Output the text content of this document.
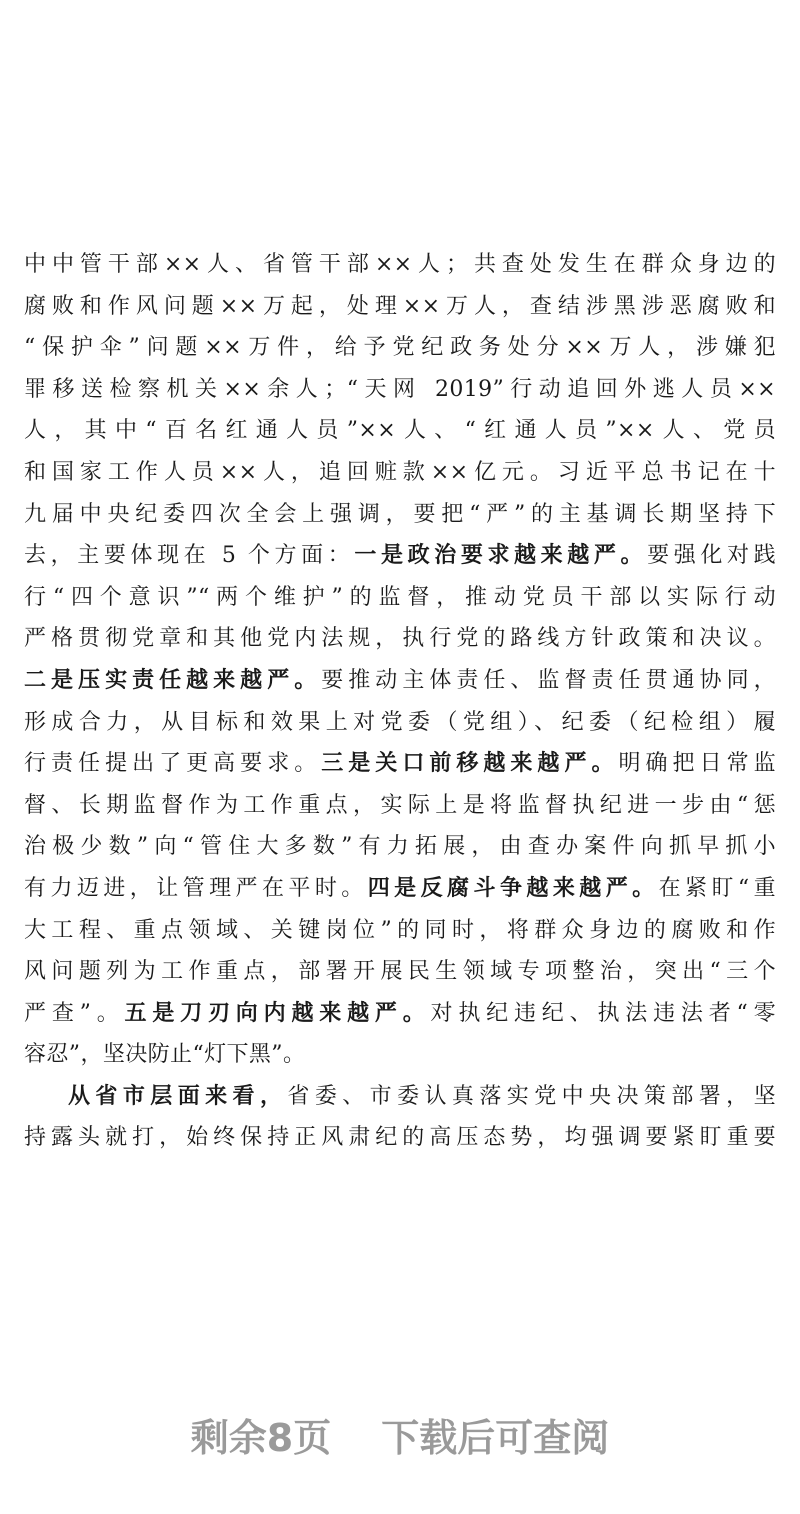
中中管干部××人、省管干部××人；共查处发生在群众身边的
腐败和作风问题××万起，处理××万人，查结涉黑涉恶腐败和
“保护伞”问题××万件，给予党纪政务处分××万人，涉嫌犯
罪移送检察机关××余人；“天网 2019”行动追回外逃人员××
人，其中“百名红通人员”××人、“红通人员”××人、党员
和国家工作人员××人，追回赃款××亿元。习近平总书记在十
九届中央纪委四次全会上强调，要把“严”的主基调长期坚持下
去，主要体现在 5 个方面：一是政治要求越来越严。要强化对践
行“四个意识”“两个维护”的监督，推动党员干部以实际行动
严格贯彻党章和其他党内法规，执行党的路线方针政策和决议。
二是压实责任越来越严。要推动主体责任、监督责任贯通协同，
形成合力，从目标和效果上对党委（党组）、纪委（纪检组）履
行责任提出了更高要求。三是关口前移越来越严。明确把日常监
督、长期监督作为工作重点，实际上是将监督执纪进一步由“惩
治极少数”向“管住大多数”有力拓展，由查办案件向抓早抓小
有力迈进，让管理严在平时。四是反腐斗争越来越严。在紧盯“重
大工程、重点领域、关键岗位”的同时，将群众身边的腐败和作
风问题列为工作重点，部署开展民生领域专项整治，突出“三个
严查”。五是刀刃向内越来越严。对执纪违纪、执法违法者“零
容忍”，坚决防止“灯下黑”。
从省市层面来看，省委、市委认真落实党中央决策部署，坚
持露头就打，始终保持正风肃纪的高压态势，均强调要紧盯重要
剩余8页 下载后可查阅
